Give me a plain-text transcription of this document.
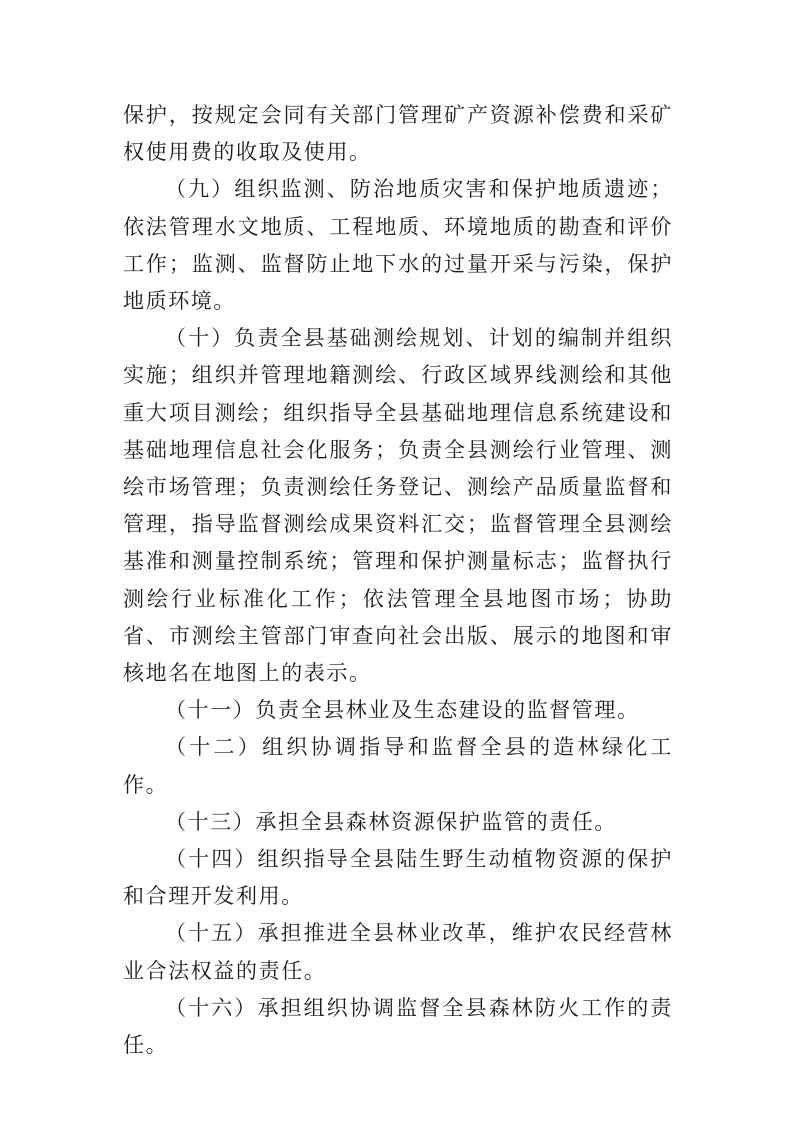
保护，按规定会同有关部门管理矿产资源补偿费和采矿权使用费的收取及使用。

（九）组织监测、防治地质灾害和保护地质遗迹；依法管理水文地质、工程地质、环境地质的勘查和评价工作；监测、监督防止地下水的过量开采与污染，保护地质环境。

（十）负责全县基础测绘规划、计划的编制并组织实施；组织并管理地籍测绘、行政区域界线测绘和其他重大项目测绘；组织指导全县基础地理信息系统建设和基础地理信息社会化服务；负责全县测绘行业管理、测绘市场管理；负责测绘任务登记、测绘产品质量监督和管理，指导监督测绘成果资料汇交；监督管理全县测绘基准和测量控制系统；管理和保护测量标志；监督执行测绘行业标准化工作；依法管理全县地图市场；协助省、市测绘主管部门审查向社会出版、展示的地图和审核地名在地图上的表示。

（十一）负责全县林业及生态建设的监督管理。

（十二）组织协调指导和监督全县的造林绿化工作。

（十三）承担全县森林资源保护监管的责任。

（十四）组织指导全县陆生野生动植物资源的保护和合理开发利用。

（十五）承担推进全县林业改革，维护农民经营林业合法权益的责任。

（十六）承担组织协调监督全县森林防火工作的责任。
